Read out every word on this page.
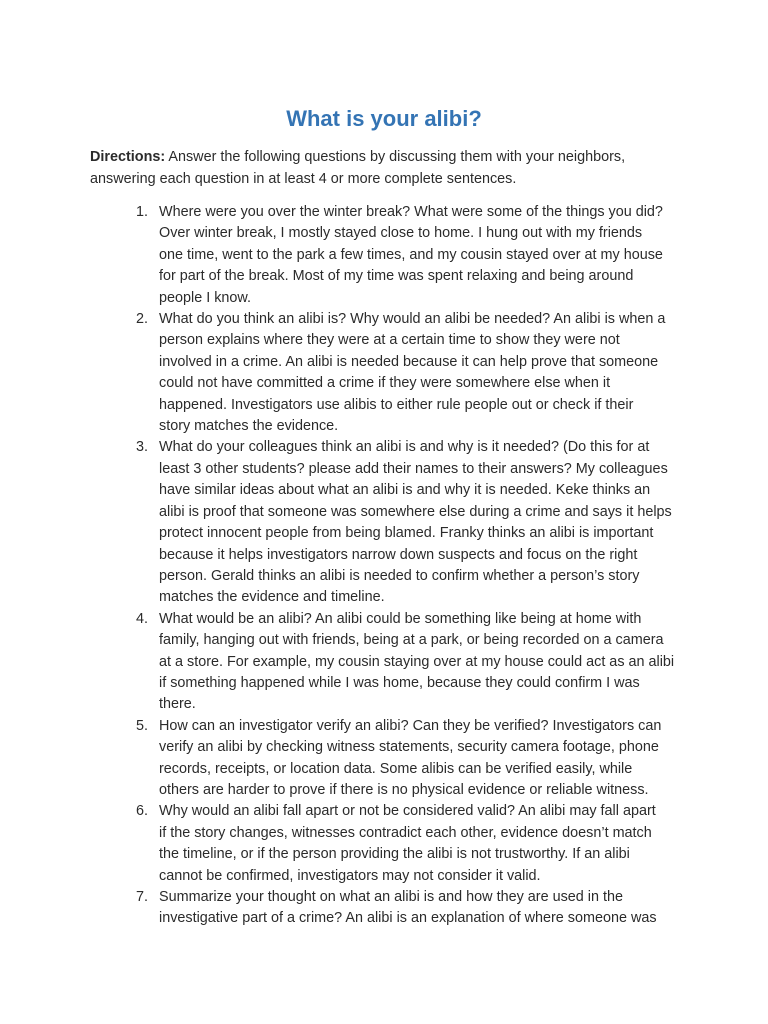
What is your alibi?
Directions: Answer the following questions by discussing them with your neighbors,
answering each question in at least 4 or more complete sentences.
1. Where were you over the winter break? What were some of the things you did?
Over winter break, I mostly stayed close to home. I hung out with my friends
one time, went to the park a few times, and my cousin stayed over at my house
for part of the break. Most of my time was spent relaxing and being around
people I know.
2. What do you think an alibi is? Why would an alibi be needed? An alibi is when a
person explains where they were at a certain time to show they were not
involved in a crime. An alibi is needed because it can help prove that someone
could not have committed a crime if they were somewhere else when it
happened. Investigators use alibis to either rule people out or check if their
story matches the evidence.
3. What do your colleagues think an alibi is and why is it needed? (Do this for at
least 3 other students? please add their names to their answers? My colleagues
have similar ideas about what an alibi is and why it is needed. Keke thinks an
alibi is proof that someone was somewhere else during a crime and says it helps
protect innocent people from being blamed. Franky thinks an alibi is important
because it helps investigators narrow down suspects and focus on the right
person. Gerald thinks an alibi is needed to confirm whether a person’s story
matches the evidence and timeline.
4. What would be an alibi? An alibi could be something like being at home with
family, hanging out with friends, being at a park, or being recorded on a camera
at a store. For example, my cousin staying over at my house could act as an alibi
if something happened while I was home, because they could confirm I was
there.
5. How can an investigator verify an alibi? Can they be verified? Investigators can
verify an alibi by checking witness statements, security camera footage, phone
records, receipts, or location data. Some alibis can be verified easily, while
others are harder to prove if there is no physical evidence or reliable witness.
6. Why would an alibi fall apart or not be considered valid? An alibi may fall apart
if the story changes, witnesses contradict each other, evidence doesn’t match
the timeline, or if the person providing the alibi is not trustworthy. If an alibi
cannot be confirmed, investigators may not consider it valid.
7. Summarize your thought on what an alibi is and how they are used in the
investigative part of a crime? An alibi is an explanation of where someone was
